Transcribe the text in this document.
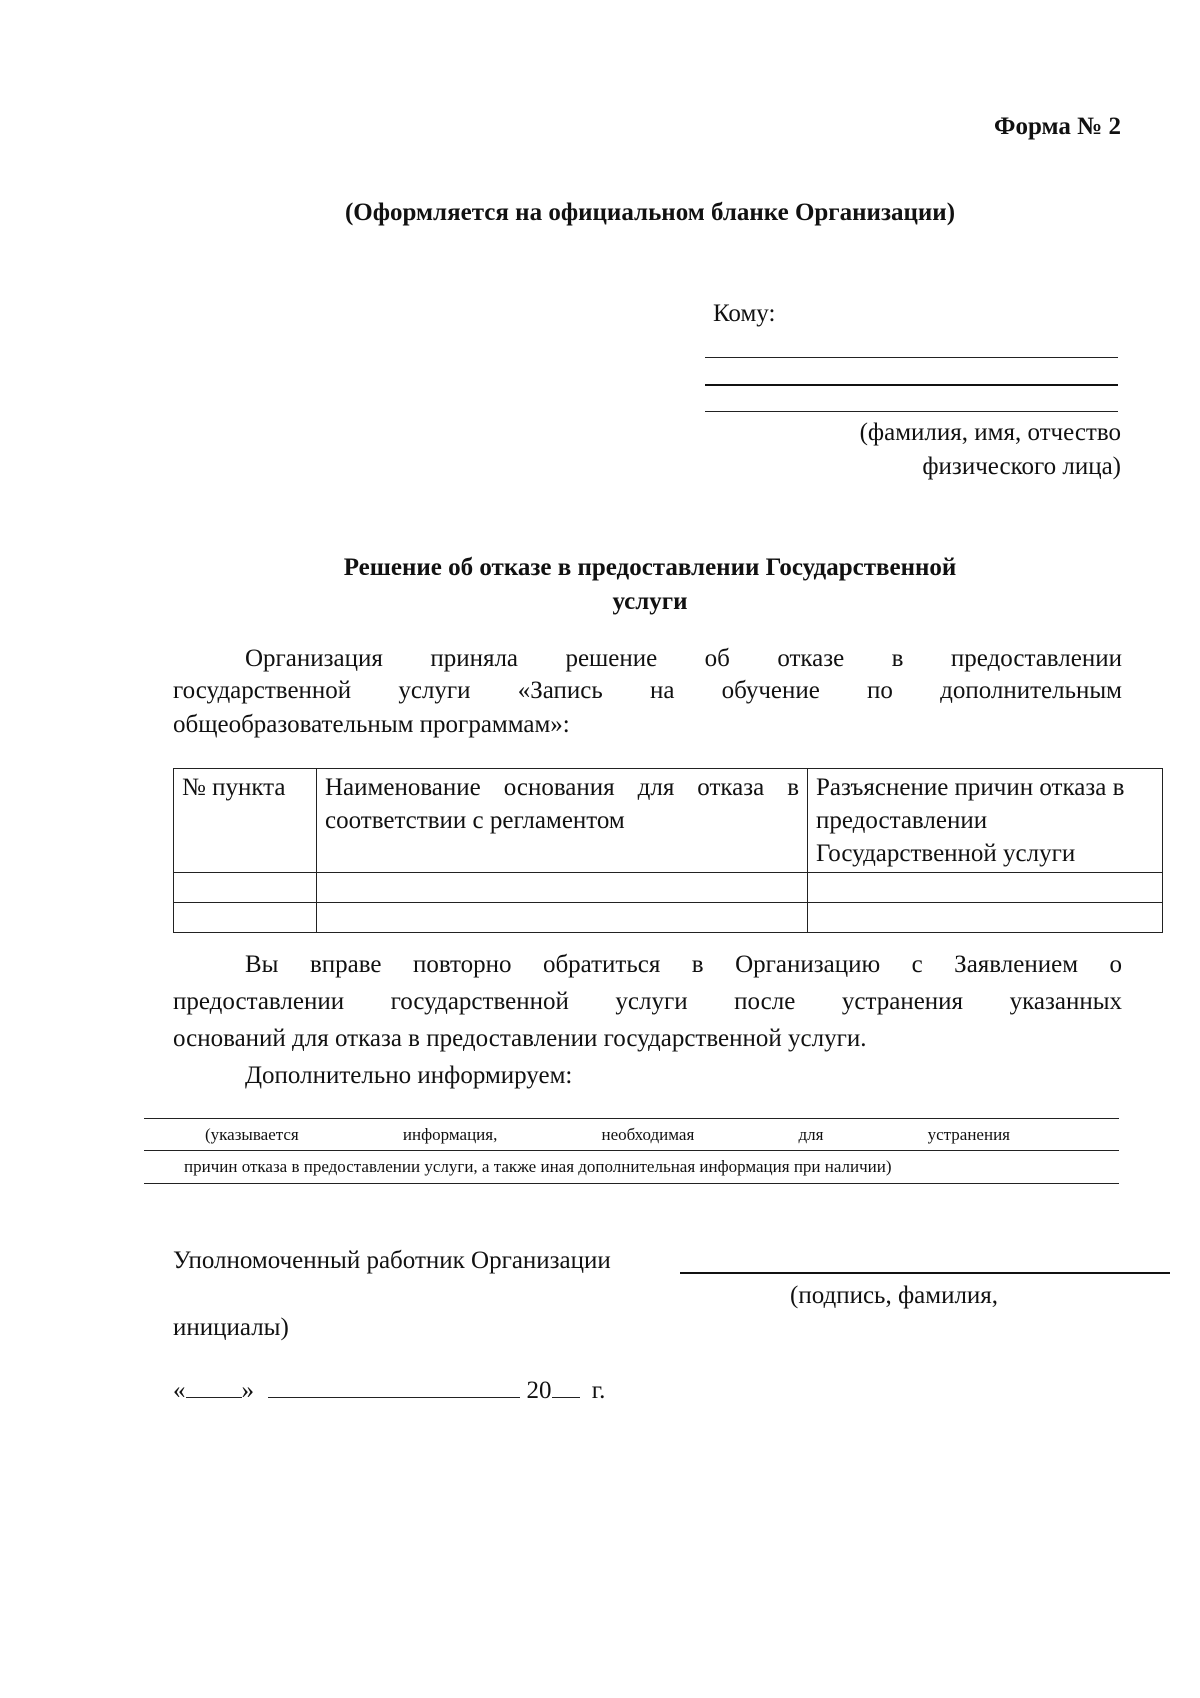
Форма № 2
(Оформляется на официальном бланке Организации)
Кому:
(фамилия, имя, отчество
физического лица)
Решение об отказе в предоставлении Государственной
услуги
Организация приняла решение об отказе в предоставлении
государственной услуги «Запись на обучение по дополнительным
общеобразовательным программам»:
№ пункта	Наименование основания для отказа в соответствии с регламентом	Разъяснение причин отказа в предоставлении Государственной услуги

Вы вправе повторно обратиться в Организацию с Заявлением о
предоставлении государственной услуги после устранения указанных
оснований для отказа в предоставлении государственной услуги.
Дополнительно информируем:
(указывается информация, необходимая для устранения
причин отказа в предоставлении услуги, а также иная дополнительная информация при наличии)
Уполномоченный работник Организации
(подпись, фамилия,
инициалы)
« »	20 г.
